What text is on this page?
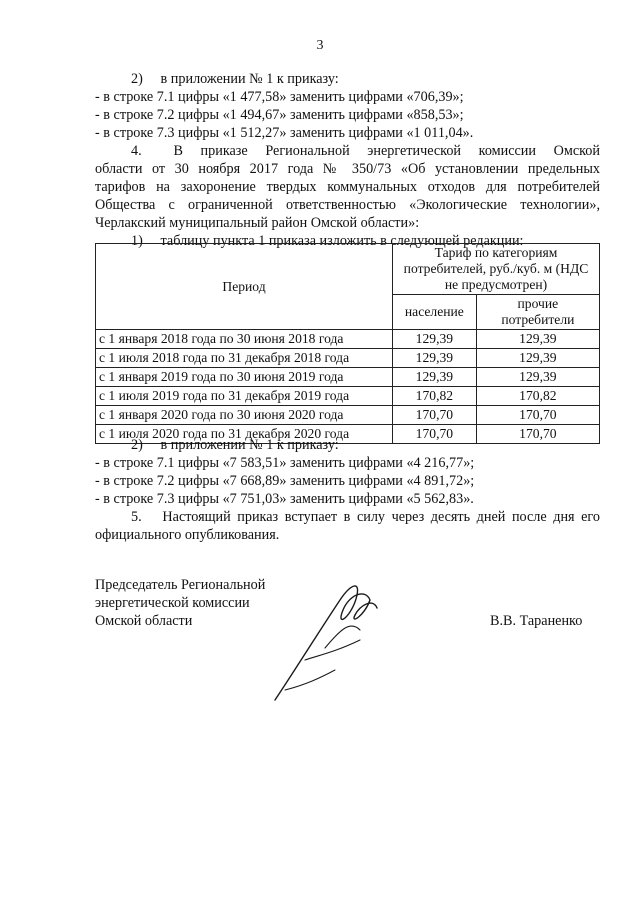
3
2)  в приложении № 1 к приказу:
- в строке 7.1 цифры «1 477,58» заменить цифрами «706,39»;
- в строке 7.2 цифры «1 494,67» заменить цифрами «858,53»;
- в строке 7.3 цифры «1 512,27» заменить цифрами «1 011,04».
4.  В приказе Региональной энергетической комиссии Омской
области от 30 ноября 2017 года № 350/73 «Об установлении предельных
тарифов на захоронение твердых коммунальных отходов для потребителей
Общества с ограниченной ответственностью «Экологические технологии»,
Черлакский муниципальный район Омской области»:
1)  таблицу пункта 1 приказа изложить в следующей редакции:
Период	Тариф по категориям потребителей, руб./куб. м (НДС не предусмотрен)	
	население	прочие потребители
с 1 января 2018 года по 30 июня 2018 года	129,39	129,39
с 1 июля 2018 года по 31 декабря 2018 года	129,39	129,39
с 1 января 2019 года по 30 июня 2019 года	129,39	129,39
с 1 июля 2019 года по 31 декабря 2019 года	170,82	170,82
с 1 января 2020 года по 30 июня 2020 года	170,70	170,70
с 1 июля 2020 года по 31 декабря 2020 года	170,70	170,70
2)  в приложении № 1 к приказу:
- в строке 7.1 цифры «7 583,51» заменить цифрами «4 216,77»;
- в строке 7.2 цифры «7 668,89» заменить цифрами «4 891,72»;
- в строке 7.3 цифры «7 751,03» заменить цифрами «5 562,83».
5.  Настоящий приказ вступает в силу через десять дней после дня его
официального опубликования.
Председатель Региональной
энергетической комиссии
Омской области	В.В. Тараненко
